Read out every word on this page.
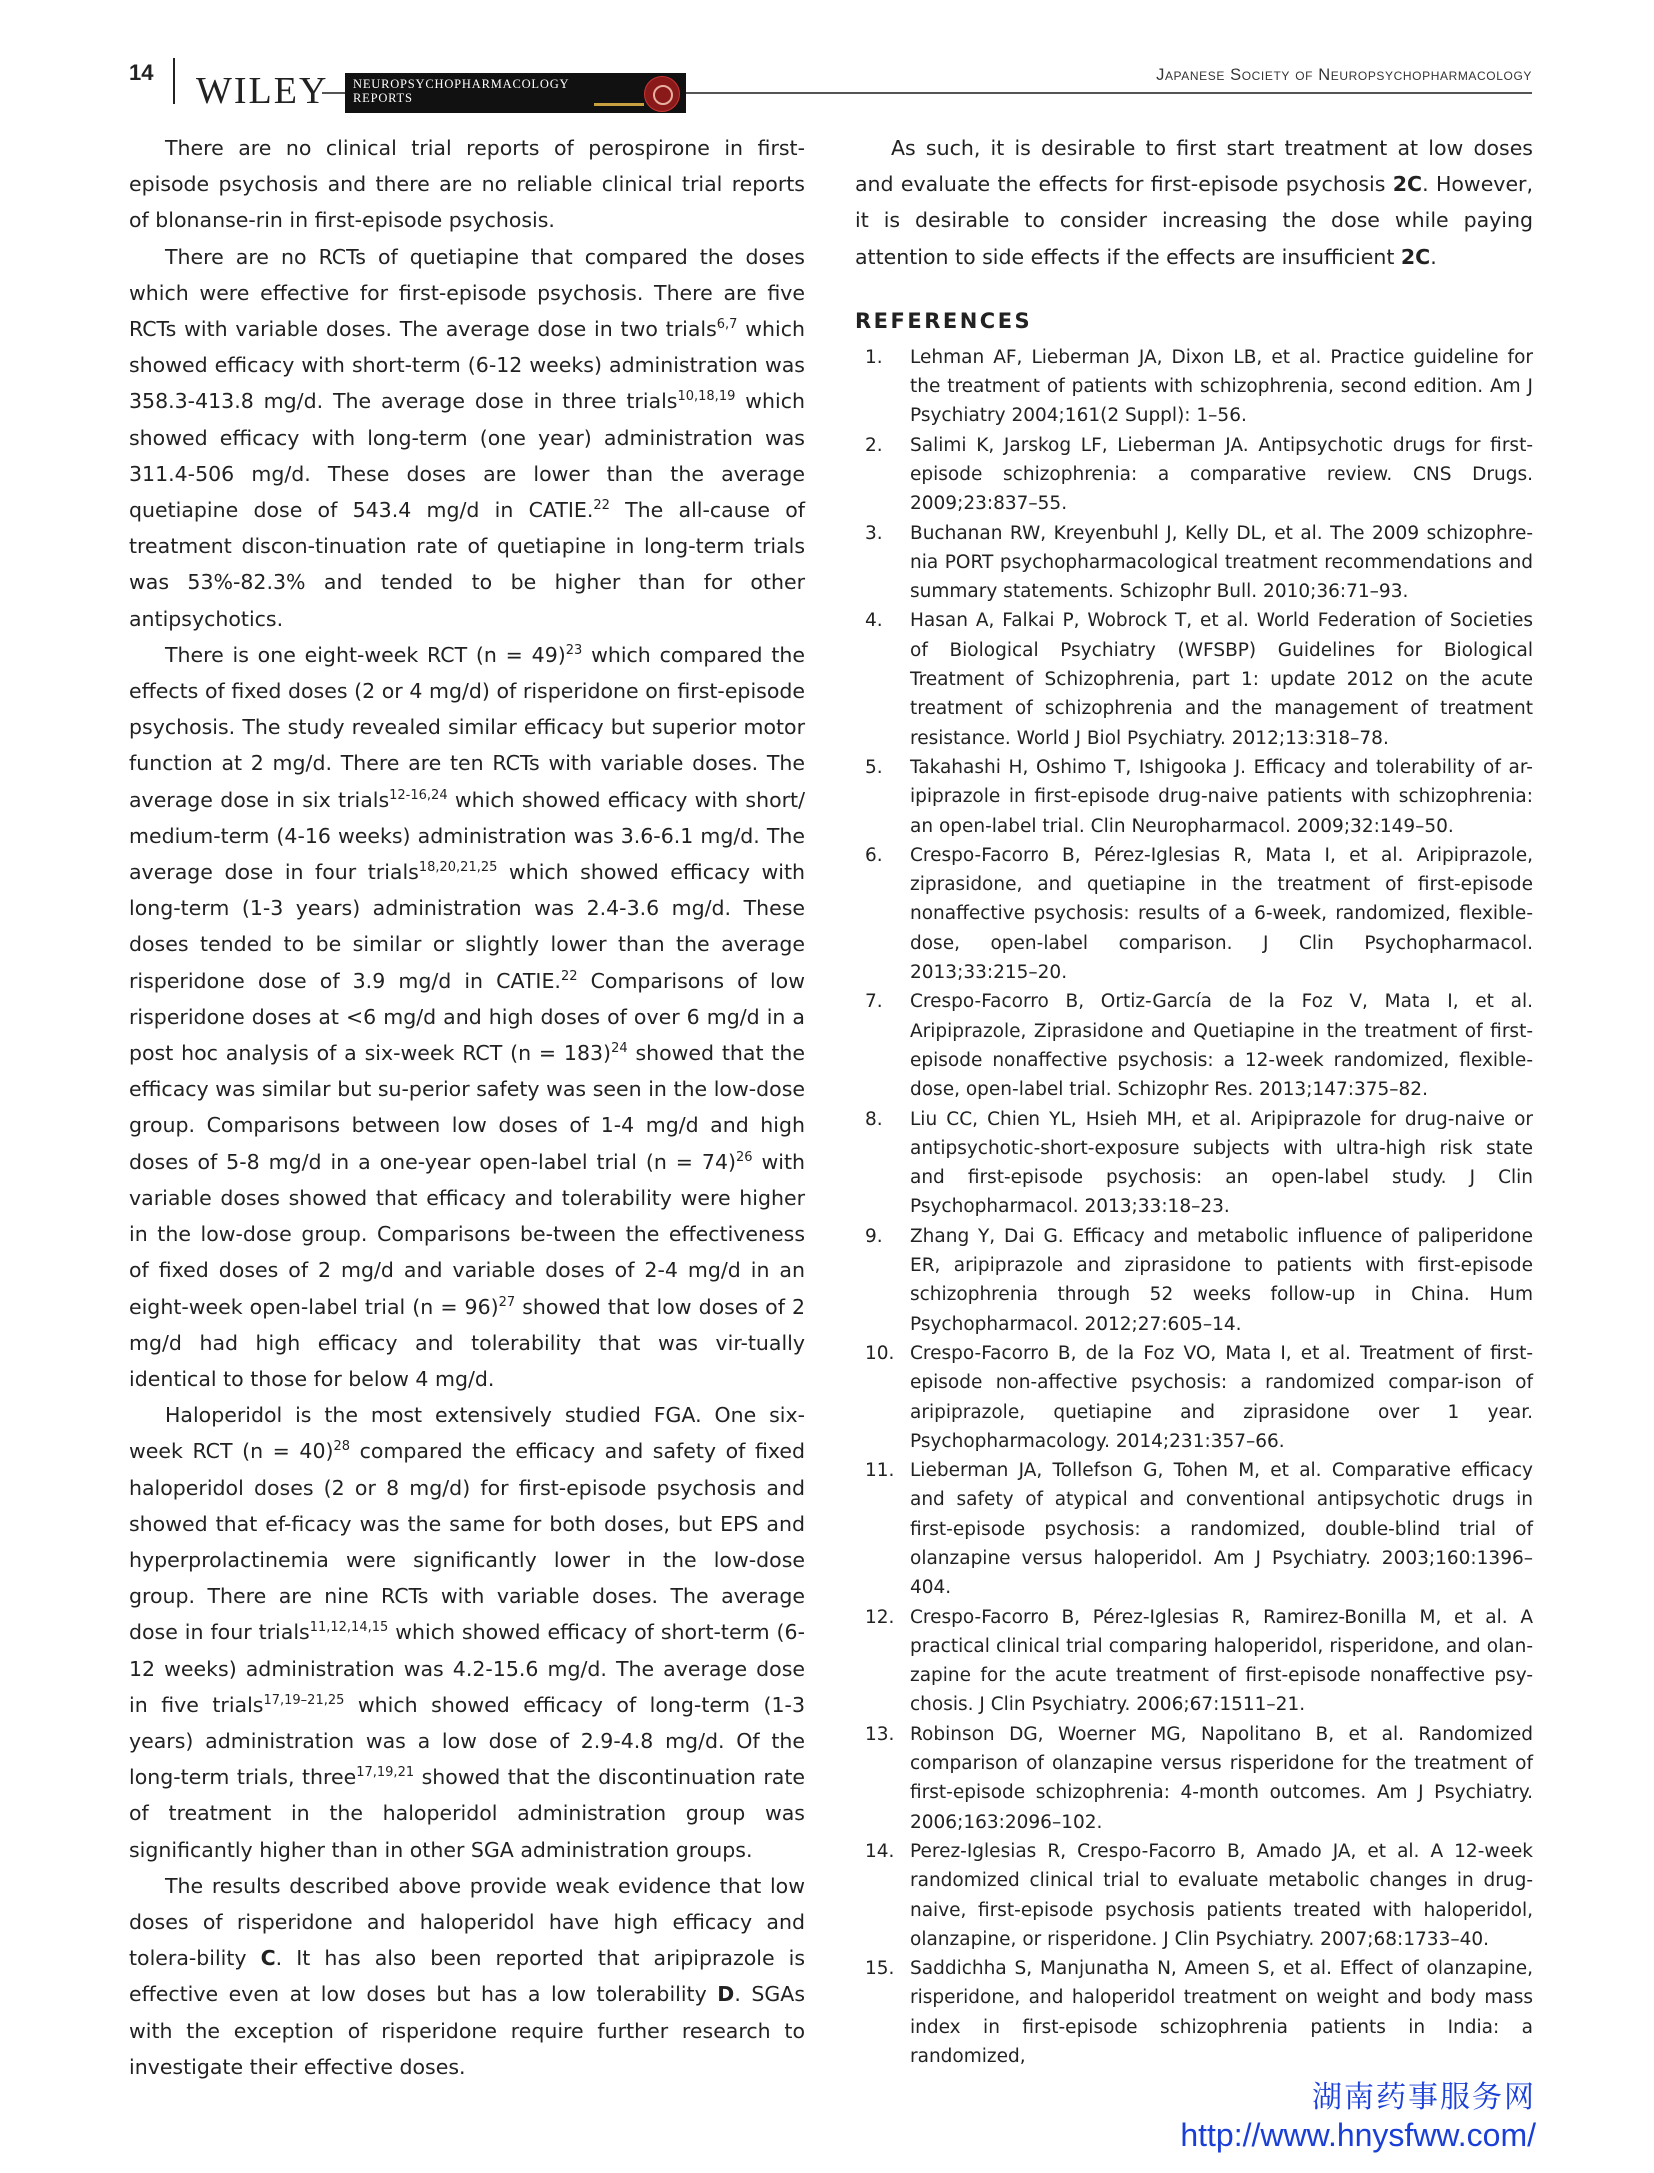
14 WILEY NEUROPSYCHOPHARMACOLOGY
REPORTS
Japanese Society of Neuropsychopharmacology

There are no clinical trial reports of perospirone in first-episode psychosis and there are no reliable clinical trial reports of blonanse-rin in first-episode psychosis.

There are no RCTs of quetiapine that compared the doses which were effective for first-episode psychosis. There are five RCTs with variable doses. The average dose in two trials$^{6,7}$ which showed efficacy with short-term (6-12 weeks) administration was 358.3-413.8 mg/d. The average dose in three trials$^{10,18,19}$ which showed efficacy with long-term (one year) administration was 311.4-506 mg/d. These doses are lower than the average quetiapine dose of 543.4 mg/d in CATIE.$^{22}$ The all-cause of treatment discon-tinuation rate of quetiapine in long-term trials was 53%-82.3% and tended to be higher than for other antipsychotics.

There is one eight-week RCT (n = 49)$^{23}$ which compared the effects of fixed doses (2 or 4 mg/d) of risperidone on first-episode psychosis. The study revealed similar efficacy but superior motor function at 2 mg/d. There are ten RCTs with variable doses. The average dose in six trials$^{12-16,24}$ which showed efficacy with short/ medium-term (4-16 weeks) administration was 3.6-6.1 mg/d. The average dose in four trials$^{18,20,21,25}$ which showed efficacy with long-term (1-3 years) administration was 2.4-3.6 mg/d. These doses tended to be similar or slightly lower than the average risperidone dose of 3.9 mg/d in CATIE.$^{22}$ Comparisons of low risperidone doses at <6 mg/d and high doses of over 6 mg/d in a post hoc analysis of a six-week RCT (n = 183)$^{24}$ showed that the efficacy was similar but su-perior safety was seen in the low-dose group. Comparisons between low doses of 1-4 mg/d and high doses of 5-8 mg/d in a one-year open-label trial (n = 74)$^{26}$ with variable doses showed that efficacy and tolerability were higher in the low-dose group. Comparisons be-tween the effectiveness of fixed doses of 2 mg/d and variable doses of 2-4 mg/d in an eight-week open-label trial (n = 96)$^{27}$ showed that low doses of 2 mg/d had high efficacy and tolerability that was vir-tually identical to those for below 4 mg/d.

Haloperidol is the most extensively studied FGA. One six-week RCT (n = 40)$^{28}$ compared the efficacy and safety of fixed haloperidol doses (2 or 8 mg/d) for first-episode psychosis and showed that ef-ficacy was the same for both doses, but EPS and hyperprolactinemia were significantly lower in the low-dose group. There are nine RCTs with variable doses. The average dose in four trials$^{11,12,14,15}$ which showed efficacy of short-term (6-12 weeks) administration was 4.2-15.6 mg/d. The average dose in five trials$^{17,19-21,25}$ which showed efficacy of long-term (1-3 years) administration was a low dose of 2.9-4.8 mg/d. Of the long-term trials, three$^{17,19,21}$ showed that the discontinuation rate of treatment in the haloperidol administration group was significantly higher than in other SGA administration groups.

The results described above provide weak evidence that low doses of risperidone and haloperidol have high efficacy and tolera-bility C. It has also been reported that aripiprazole is effective even at low doses but has a low tolerability D. SGAs with the exception of risperidone require further research to investigate their effective doses.

As such, it is desirable to first start treatment at low doses and evaluate the effects for first-episode psychosis 2C. However, it is desirable to consider increasing the dose while paying attention to side effects if the effects are insufficient 2C.

REFERENCES
1.	Lehman AF, Lieberman JA, Dixon LB, et al. Practice guideline for the treatment of patients with schizophrenia, second edition. Am J Psychiatry 2004;161(2 Suppl): 1–56.
2.	Salimi K, Jarskog LF, Lieberman JA. Antipsychotic drugs for first-episode schizophrenia: a comparative review. CNS Drugs. 2009;23:837–55.
3.	Buchanan RW, Kreyenbuhl J, Kelly DL, et al. The 2009 schizophre-nia PORT psychopharmacological treatment recommendations and summary statements. Schizophr Bull. 2010;36:71–93.
4.	Hasan A, Falkai P, Wobrock T, et al. World Federation of Societies of Biological Psychiatry (WFSBP) Guidelines for Biological Treatment of Schizophrenia, part 1: update 2012 on the acute treatment of schizophrenia and the management of treatment resistance. World J Biol Psychiatry. 2012;13:318–78.
5.	Takahashi H, Oshimo T, Ishigooka J. Efficacy and tolerability of ar-ipiprazole in first-episode drug-naive patients with schizophrenia: an open-label trial. Clin Neuropharmacol. 2009;32:149–50.
6.	Crespo-Facorro B, Pérez-Iglesias R, Mata I, et al. Aripiprazole, ziprasidone, and quetiapine in the treatment of first-episode nonaffective psychosis: results of a 6-week, randomized, flexible-dose, open-label comparison. J Clin Psychopharmacol. 2013;33:215–20.
7.	Crespo-Facorro B, Ortiz-García de la Foz V, Mata I, et al. Aripiprazole, Ziprasidone and Quetiapine in the treatment of first-episode nonaffective psychosis: a 12-week randomized, flexible-dose, open-label trial. Schizophr Res. 2013;147:375–82.
8.	Liu CC, Chien YL, Hsieh MH, et al. Aripiprazole for drug-naive or antipsychotic-short-exposure subjects with ultra-high risk state and first-episode psychosis: an open-label study. J Clin Psychopharmacol. 2013;33:18–23.
9.	Zhang Y, Dai G. Efficacy and metabolic influence of paliperidone ER, aripiprazole and ziprasidone to patients with first-episode schizophrenia through 52 weeks follow-up in China. Hum Psychopharmacol. 2012;27:605–14.
10. Crespo-Facorro B, de la Foz VO, Mata I, et al. Treatment of first-episode non-affective psychosis: a randomized compar-ison of aripiprazole, quetiapine and ziprasidone over 1 year. Psychopharmacology. 2014;231:357–66.
11. Lieberman JA, Tollefson G, Tohen M, et al. Comparative efficacy and safety of atypical and conventional antipsychotic drugs in first-episode psychosis: a randomized, double-blind trial of olanzapine versus haloperidol. Am J Psychiatry. 2003;160:1396–404.
12. Crespo-Facorro B, Pérez-Iglesias R, Ramirez-Bonilla M, et al. A practical clinical trial comparing haloperidol, risperidone, and olan-zapine for the acute treatment of first-episode nonaffective psy-chosis. J Clin Psychiatry. 2006;67:1511–21.
13. Robinson DG, Woerner MG, Napolitano B, et al. Randomized comparison of olanzapine versus risperidone for the treatment of first-episode schizophrenia: 4-month outcomes. Am J Psychiatry. 2006;163:2096–102.
14. Perez-Iglesias R, Crespo-Facorro B, Amado JA, et al. A 12-week randomized clinical trial to evaluate metabolic changes in drug-naive, first-episode psychosis patients treated with haloperidol, olanzapine, or risperidone. J Clin Psychiatry. 2007;68:1733–40.
15. Saddichha S, Manjunatha N, Ameen S, et al. Effect of olanzapine, risperidone, and haloperidol treatment on weight and body mass index in first-episode schizophrenia patients in India: a randomized,
湖南药事服务网
http://www.hnysfww.com/
